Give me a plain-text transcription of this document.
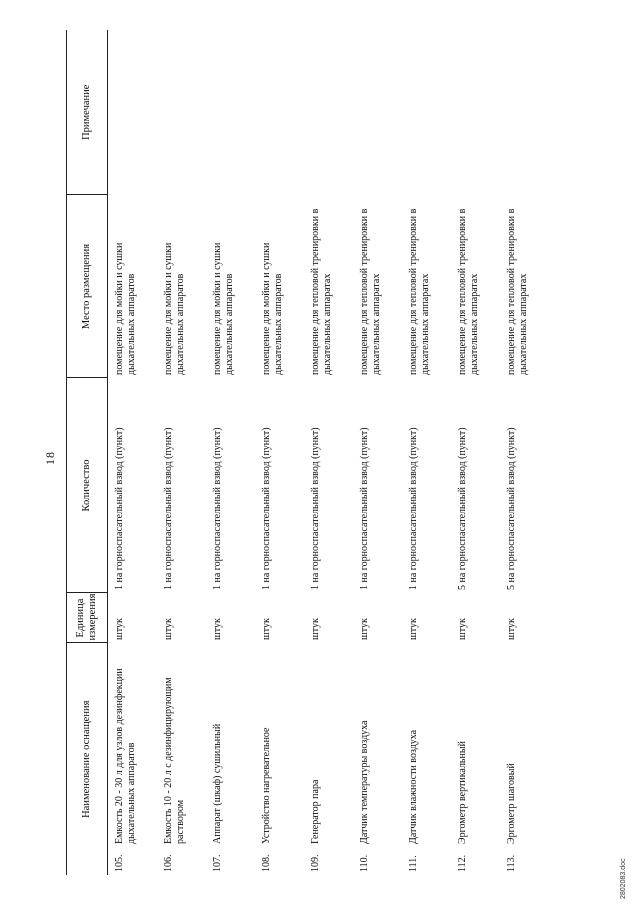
18
Наименование оснащения	Единица измерения	Количество	Место размещения	Примечание
105.Емкость 20 - 30 л для узлов дезинфекции дыхательных аппаратов	штук	1 на горноспасательный взвод (пункт)	помещение для мойки и сушки дыхательных аппаратов	
106.Емкость 10 - 20 л с дезинфицирующим раствором	штук	1 на горноспасательный взвод (пункт)	помещение для мойки и сушки дыхательных аппаратов	
107.Аппарат (шкаф) сушильный	штук	1 на горноспасательный взвод (пункт)	помещение для мойки и сушки дыхательных аппаратов	
108.Устройство нагревательное	штук	1 на горноспасательный взвод (пункт)	помещение для мойки и сушки дыхательных аппаратов	
109.Генератор пара	штук	1 на горноспасательный взвод (пункт)	помещение для тепловой тренировки в дыхательных аппаратах	
110.Датчик температуры воздуха	штук	1 на горноспасательный взвод (пункт)	помещение для тепловой тренировки в дыхательных аппаратах	
111.Датчик влажности воздуха	штук	1 на горноспасательный взвод (пункт)	помещение для тепловой тренировки в дыхательных аппаратах	
112.Эргометр вертикальный	штук	5 на горноспасательный взвод (пункт)	помещение для тепловой тренировки в дыхательных аппаратах	
113.Эргометр шаговый	штук	5 на горноспасательный взвод (пункт)	помещение для тепловой тренировки в дыхательных аппаратах	
2802083.doc
